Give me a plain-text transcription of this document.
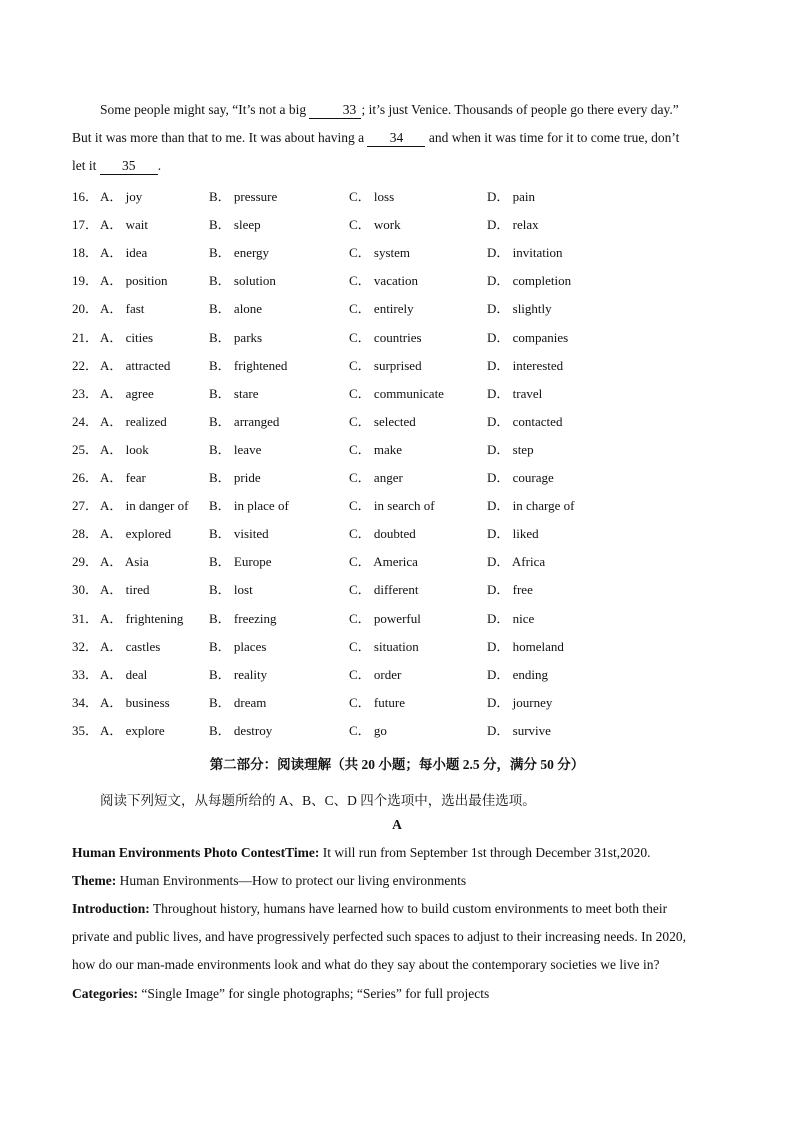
Some people might say, “It’s not a big 33 ; it’s just Venice. Thousands of people go there every day.”
But it was more than that to me. It was about having a 34 and when it was time for it to come true, don’t
let it 35 .
16． A． joy	B． pressure	C． loss	D． pain
17． A． wait	B． sleep	C． work	D． relax
18． A． idea	B． energy	C． system	D． invitation
19． A． position	B． solution	C． vacation	D． completion
20． A． fast	B． alone	C． entirely	D． slightly
21． A． cities	B． parks	C． countries	D． companies
22． A． attracted	B． frightened	C． surprised	D． interested
23． A． agree	B． stare	C． communicate	D． travel
24． A． realized	B． arranged	C． selected	D． contacted
25． A． look	B． leave	C． make	D． step
26． A． fear	B． pride	C． anger	D． courage
27． A． in danger of B． in place of	C． in search of	D． in charge of
28． A． explored	B． visited	C． doubted	D． liked
29． A． Asia	B． Europe	C． America	D． Africa
30． A． tired	B． lost	C． different	D． free
31． A． frightening B． freezing	C． powerful	D． nice
32． A． castles	B． places	C． situation	D． homeland
33． A． deal	B． reality	C． order	D． ending
34． A． business	B． dream	C． future	D． journey
35． A． explore	B． destroy	C． go	D． survive
第二部分：阅读理解（共 20 小题；每小题 2.5 分，满分 50 分）
阅读下列短文，从每题所给的 A、B、C、D 四个选项中，选出最佳选项。
A
Human Environments Photo ContestTime: It will run from September 1st through December 31st,2020.
Theme: Human Environments—How to protect our living environments
Introduction: Throughout history, humans have learned how to build custom environments to meet both their
private and public lives, and have progressively perfected such spaces to adjust to their increasing needs. In 2020,
how do our man-made environments look and what do they say about the contemporary societies we live in?
Categories: “Single Image” for single photographs; “Series” for full projects
